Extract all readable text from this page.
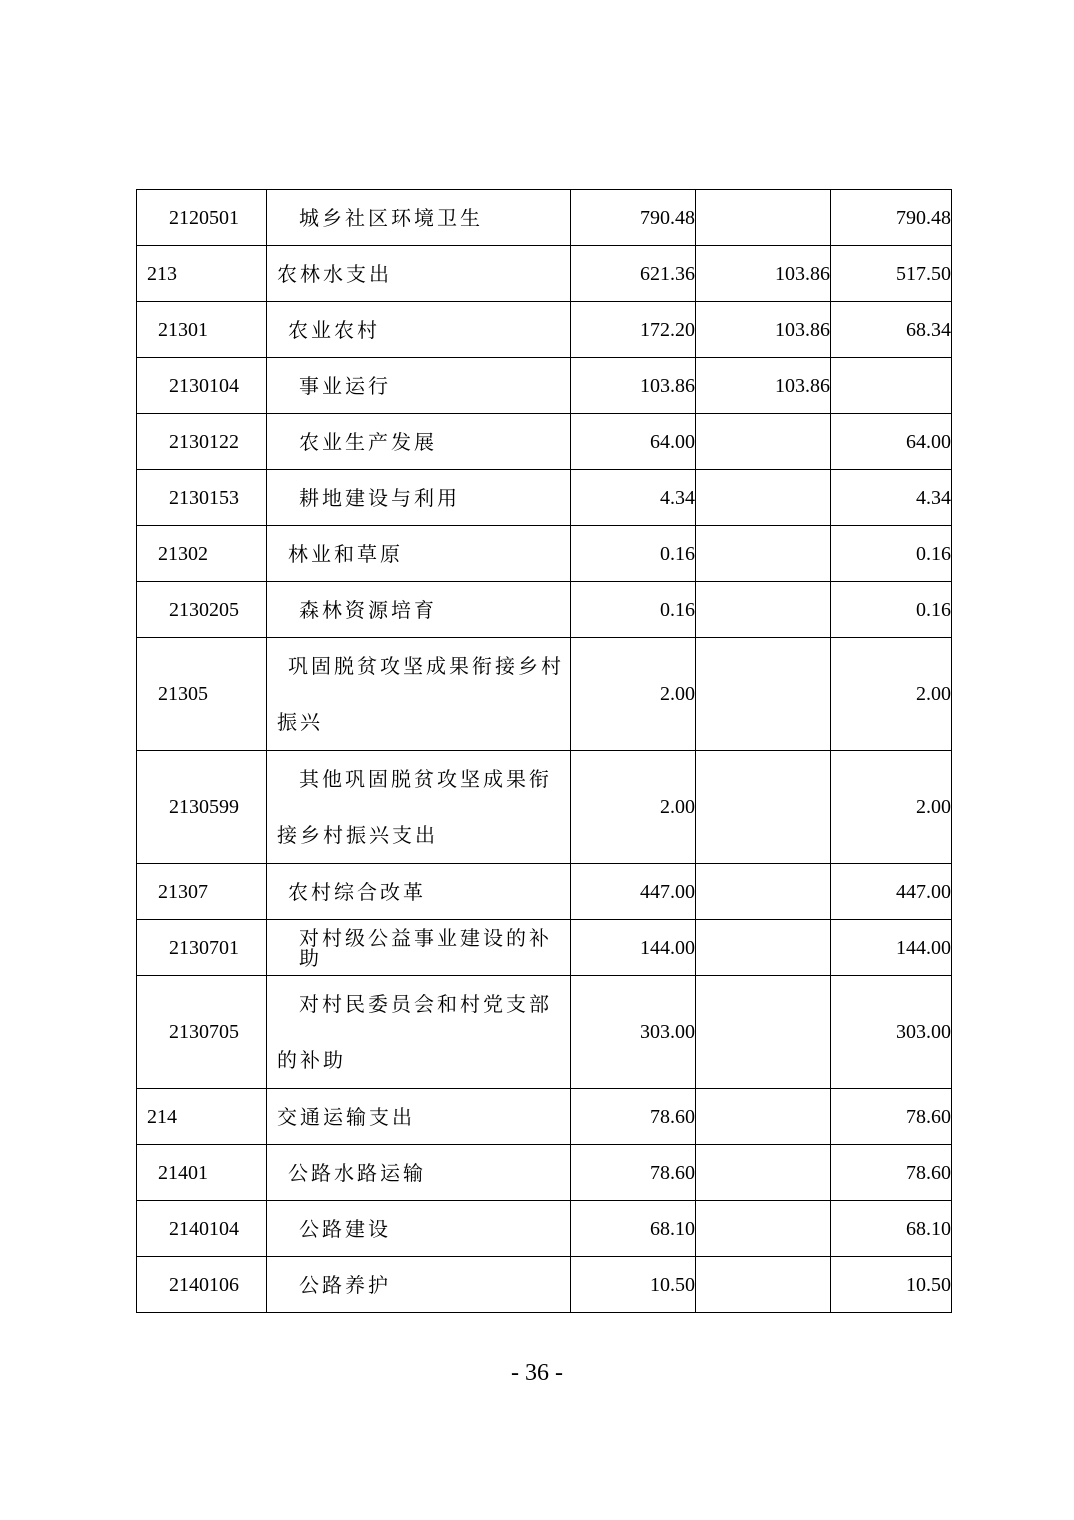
2120501	城乡社区环境卫生	790.48		790.48
213	农林水支出	621.36	103.86	517.50
21301	农业农村	172.20	103.86	68.34
2130104	事业运行	103.86	103.86	
2130122	农业生产发展	64.00		64.00
2130153	耕地建设与利用	4.34		4.34
21302	林业和草原	0.16		0.16
2130205	森林资源培育	0.16		0.16
21305	巩固脱贫攻坚成果衔接乡村振兴	2.00		2.00
2130599	其他巩固脱贫攻坚成果衔接乡村振兴支出	2.00		2.00
21307	农村综合改革	447.00		447.00
2130701	对村级公益事业建设的补助	144.00		144.00
2130705	对村民委员会和村党支部的补助	303.00		303.00
214	交通运输支出	78.60		78.60
21401	公路水路运输	78.60		78.60
2140104	公路建设	68.10		68.10
2140106	公路养护	10.50		10.50
- 36 -
